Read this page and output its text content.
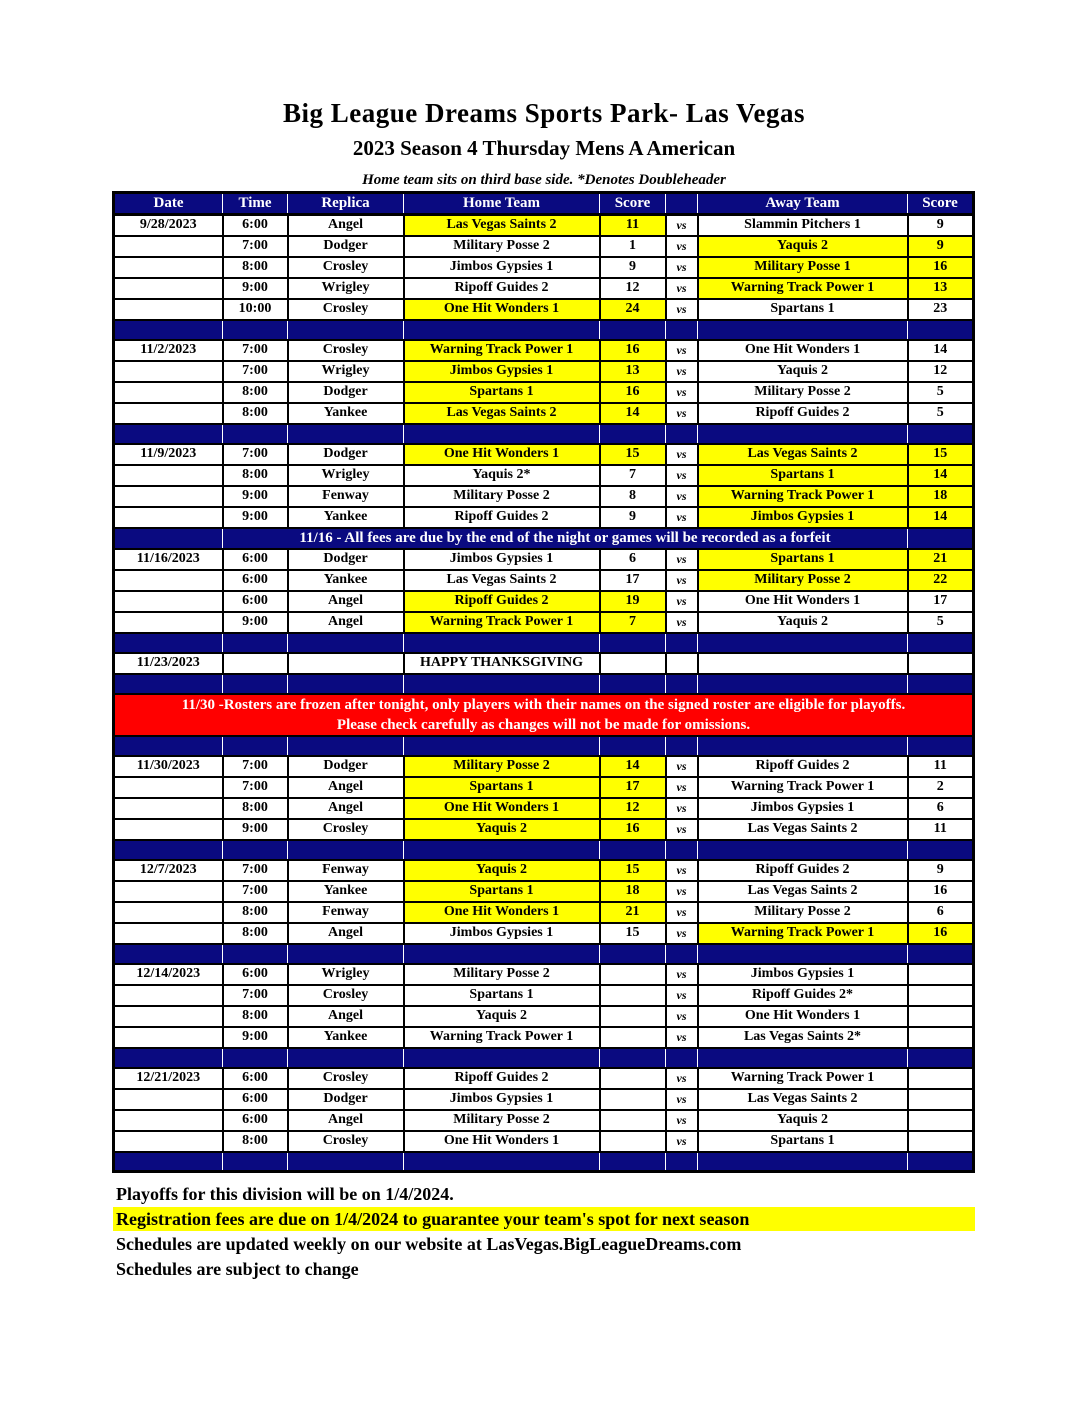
Big League Dreams Sports Park- Las Vegas
2023 Season 4 Thursday Mens A American
Home team sits on third base side. *Denotes Doubleheader
Date	Time	Replica	Home Team	Score		Away Team	Score
9/28/2023	6:00	Angel	Las Vegas Saints 2	11	vs	Slammin Pitchers 1	9
	7:00	Dodger	Military Posse 2	1	vs	Yaquis 2	9
	8:00	Crosley	Jimbos Gypsies 1	9	vs	Military Posse 1	16
	9:00	Wrigley	Ripoff Guides 2	12	vs	Warning Track Power 1	13
	10:00	Crosley	One Hit Wonders 1	24	vs	Spartans 1	23

11/2/2023	7:00	Crosley	Warning Track Power 1	16	vs	One Hit Wonders 1	14
	7:00	Wrigley	Jimbos Gypsies 1	13	vs	Yaquis 2	12
	8:00	Dodger	Spartans 1	16	vs	Military Posse 2	5
	8:00	Yankee	Las Vegas Saints 2	14	vs	Ripoff Guides 2	5

11/9/2023	7:00	Dodger	One Hit Wonders 1	15	vs	Las Vegas Saints 2	15
	8:00	Wrigley	Yaquis 2*	7	vs	Spartans 1	14
	9:00	Fenway	Military Posse 2	8	vs	Warning Track Power 1	18
	9:00	Yankee	Ripoff Guides 2	9	vs	Jimbos Gypsies 1	14
	11/16 - All fees are due by the end of the night or games will be recorded as a forfeit						
11/16/2023	6:00	Dodger	Jimbos Gypsies 1	6	vs	Spartans 1	21
	6:00	Yankee	Las Vegas Saints 2	17	vs	Military Posse 2	22
	6:00	Angel	Ripoff Guides 2	19	vs	One Hit Wonders 1	17
	9:00	Angel	Warning Track Power 1	7	vs	Yaquis 2	5

11/23/2023			HAPPY THANKSGIVING				

11/30 -Rosters are frozen after tonight, only players with their names on the signed roster are eligible for playoffs.
Please check carefully as changes will not be made for omissions.							

11/30/2023	7:00	Dodger	Military Posse 2	14	vs	Ripoff Guides 2	11
	7:00	Angel	Spartans 1	17	vs	Warning Track Power 1	2
	8:00	Angel	One Hit Wonders 1	12	vs	Jimbos Gypsies 1	6
	9:00	Crosley	Yaquis 2	16	vs	Las Vegas Saints 2	11

12/7/2023	7:00	Fenway	Yaquis 2	15	vs	Ripoff Guides 2	9
	7:00	Yankee	Spartans 1	18	vs	Las Vegas Saints 2	16
	8:00	Fenway	One Hit Wonders 1	21	vs	Military Posse 2	6
	8:00	Angel	Jimbos Gypsies 1	15	vs	Warning Track Power 1	16

12/14/2023	6:00	Wrigley	Military Posse 2		vs	Jimbos Gypsies 1	
	7:00	Crosley	Spartans 1		vs	Ripoff Guides 2*	
	8:00	Angel	Yaquis 2		vs	One Hit Wonders 1	
	9:00	Yankee	Warning Track Power 1		vs	Las Vegas Saints 2*	

12/21/2023	6:00	Crosley	Ripoff Guides 2		vs	Warning Track Power 1	
	6:00	Dodger	Jimbos Gypsies 1		vs	Las Vegas Saints 2	
	6:00	Angel	Military Posse 2		vs	Yaquis 2	
	8:00	Crosley	One Hit Wonders 1		vs	Spartans 1	

Playoffs for this division will be on 1/4/2024.
Registration fees are due on 1/4/2024 to guarantee your team's spot for next season
Schedules are updated weekly on our website at LasVegas.BigLeagueDreams.com
Schedules are subject to change
